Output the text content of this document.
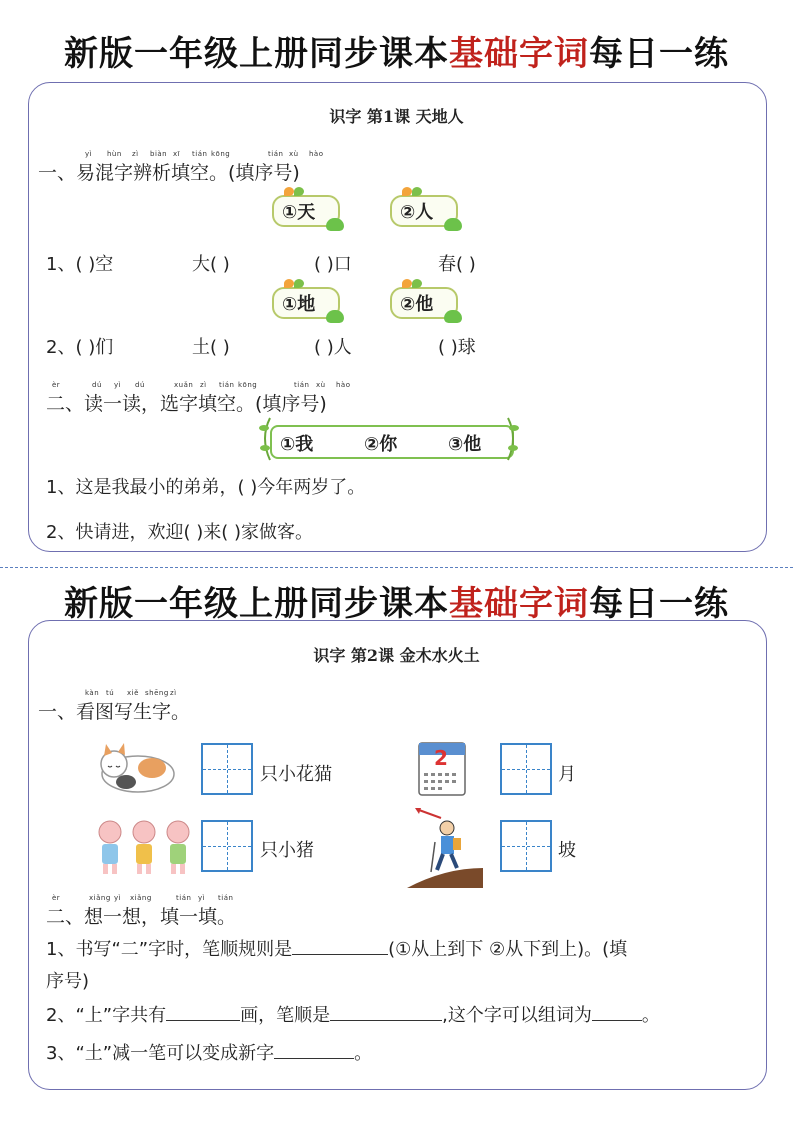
新版一年级上册同步课本基础字词每日一练
识字 第1课 天地人
yì hùn zì biàn xī tián kōng	tián xù hào
一、易混字辨析填空。(填序号)
①天	②人
1、( )空	大( )	( )口	春( )
①地	②他
2、( )们	土( )	( )人	( )球
èr	dú yì dú	xuǎn zì tián kōng	tián xù hào
二、读一读，选字填空。(填序号)
①我	②你	③他
1、这是我最小的弟弟，( )今年两岁了。
2、快请进，欢迎( )来( )家做客。
新版一年级上册同步课本基础字词每日一练
识字 第2课 金木水火土
kàn tú xiě shēng zì
一、看图写生字。
只小花猫
2
月
只小猪	坡
èr	xiǎng yì xiǎng	tián yì tián
二、想一想，填一填。
1、书写“二”字时，笔顺规则是	(①从上到下 ②从下到上)。(填
序号)
2、“上”字共有	画，笔顺是	,这个字可以组词为	。
3、“土”减一笔可以变成新字	。
